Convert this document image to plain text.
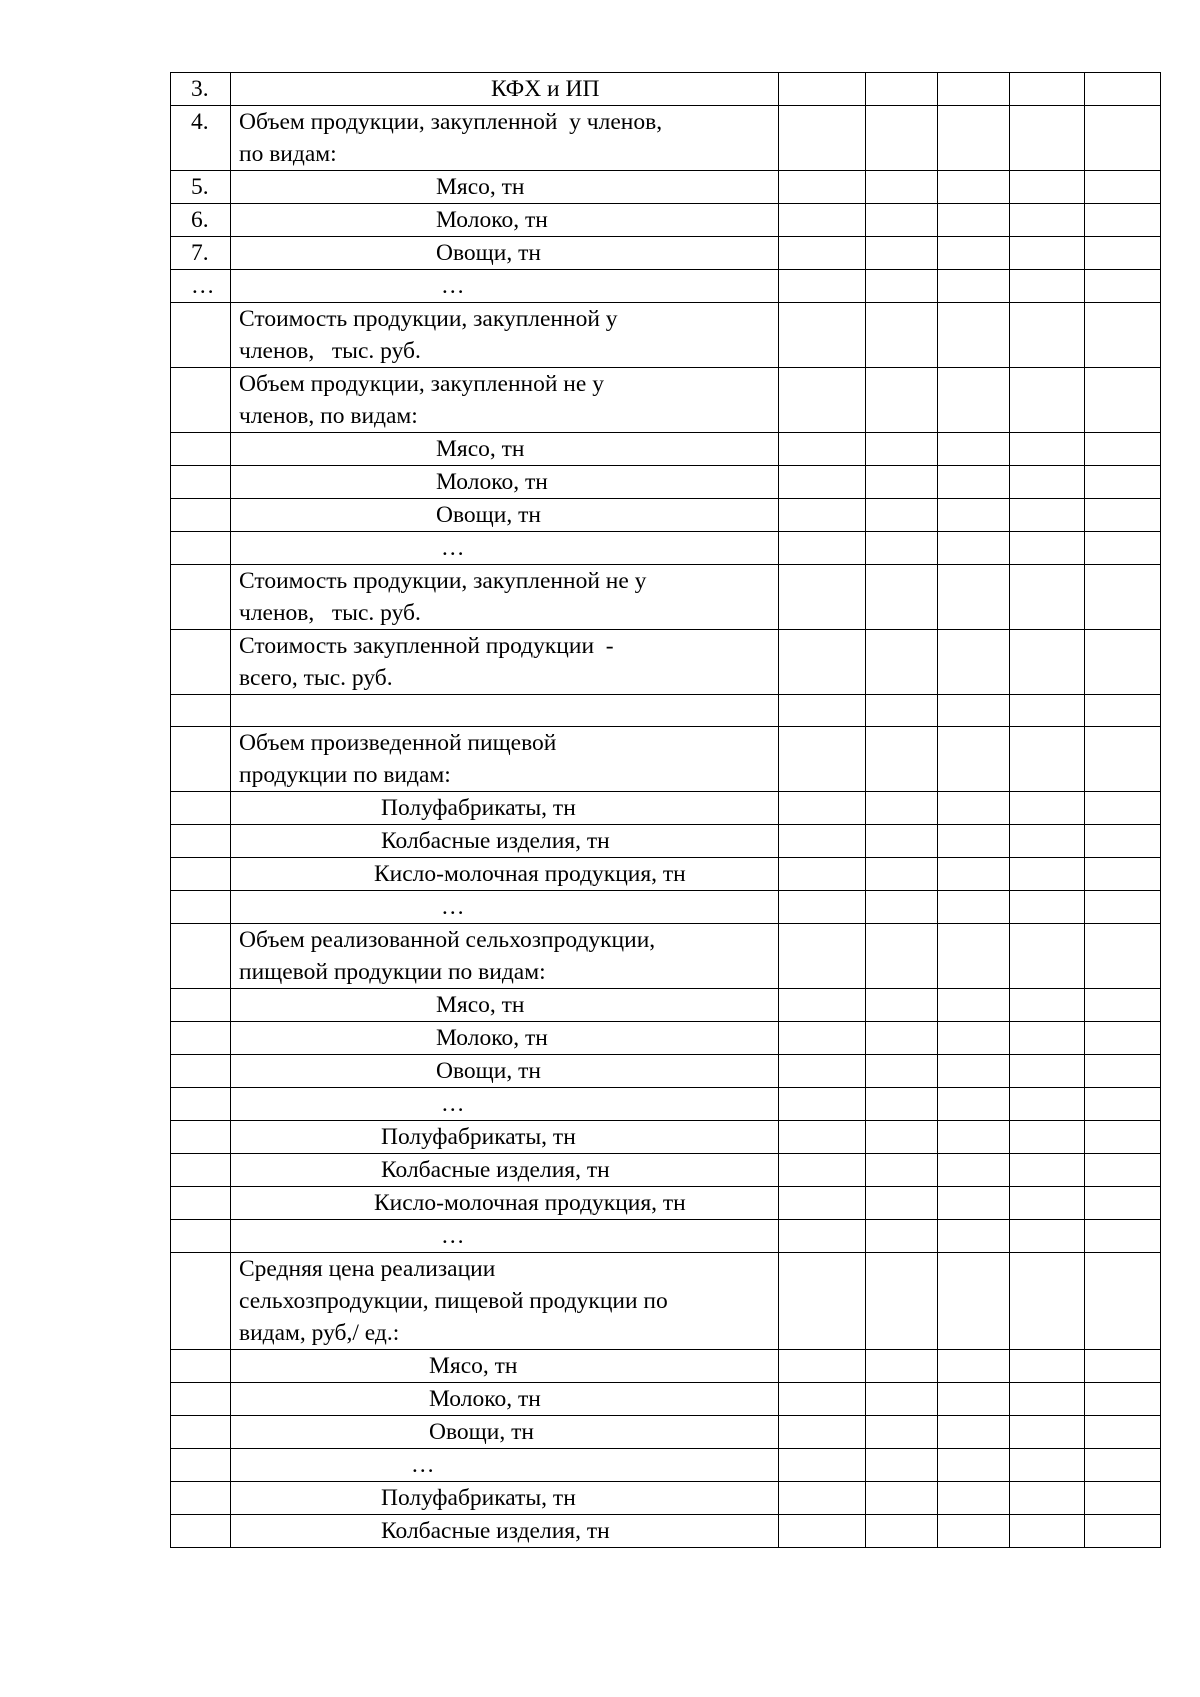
3.	КФХ и ИП					
4.	Объем продукции, закупленной  у членов,
по видам:					
5.	Мясо, тн					
6.	Молоко, тн					
7.	Овощи, тн					
…	…					
	Стоимость продукции, закупленной у
членов,   тыс. руб.					
	Объем продукции, закупленной не у
членов, по видам:					
	Мясо, тн					
	Молоко, тн					
	Овощи, тн					
	…					
	Стоимость продукции, закупленной не у
членов,   тыс. руб.					
	Стоимость закупленной продукции  -
всего, тыс. руб.					

	Объем произведенной пищевой
продукции по видам:					
	Полуфабрикаты, тн					
	Колбасные изделия, тн					
	Кисло-молочная продукция, тн					
	…					
	Объем реализованной сельхозпродукции,
пищевой продукции по видам:					
	Мясо, тн					
	Молоко, тн					
	Овощи, тн					
	…					
	Полуфабрикаты, тн					
	Колбасные изделия, тн					
	Кисло-молочная продукция, тн					
	…					
	Средняя цена реализации
сельхозпродукции, пищевой продукции по
видам, руб,/ ед.:					
	Мясо, тн					
	Молоко, тн					
	Овощи, тн					
	…					
	Полуфабрикаты, тн					
	Колбасные изделия, тн					
